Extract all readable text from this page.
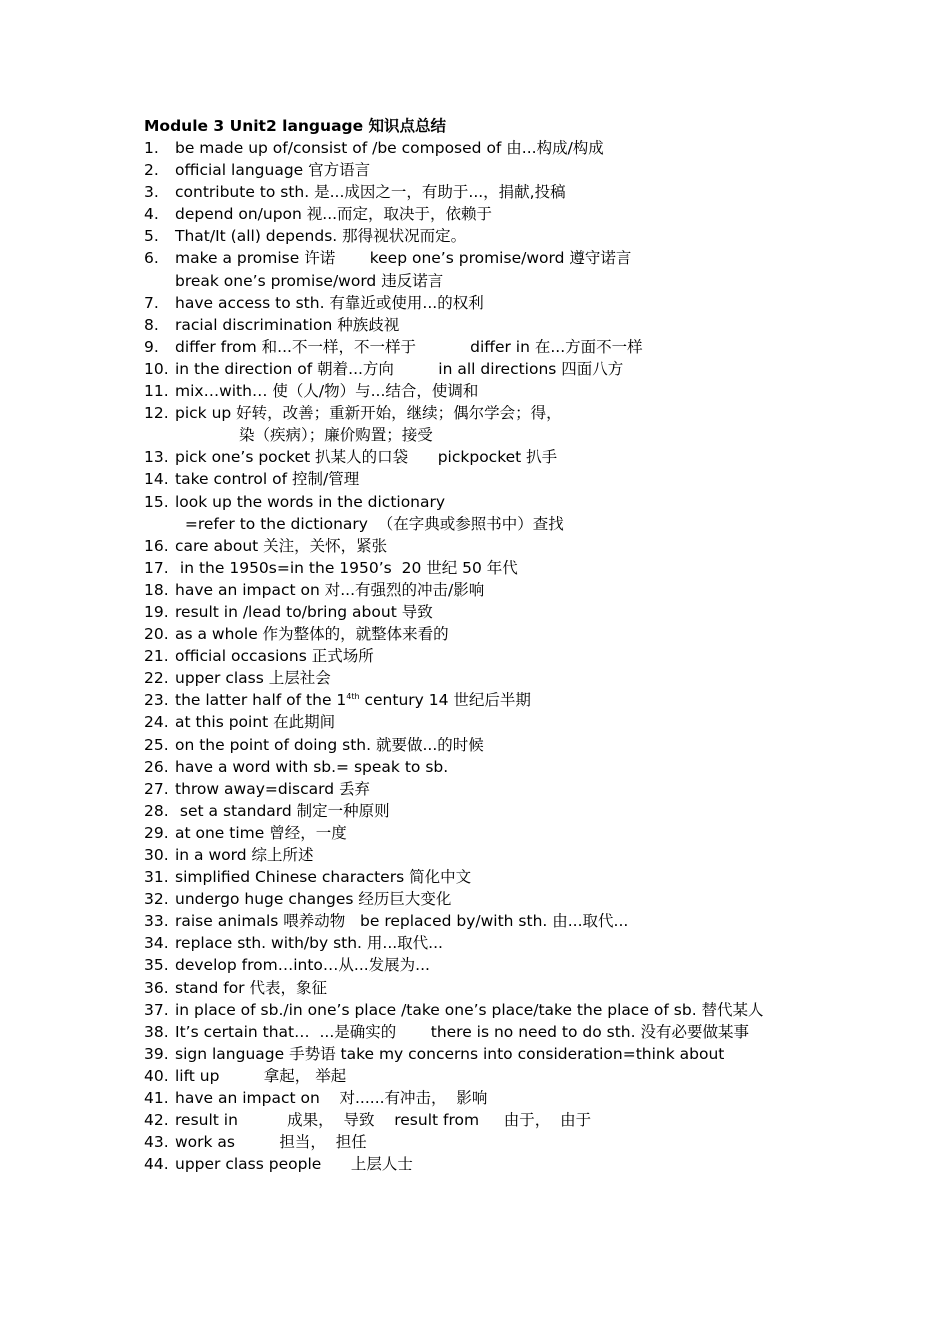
Module 3 Unit2 language 知识点总结
1. be made up of/consist of /be composed of 由...构成/构成
2. official language 官方语言
3. contribute to sth. 是...成因之一，有助于...，捐献,投稿
4. depend on/upon 视...而定，取决于，依赖于
5. That/It (all) depends. 那得视状况而定。
6. make a promise 许诺       keep one’s promise/word 遵守诺言
break one’s promise/word 违反诺言
7. have access to sth. 有靠近或使用...的权利
8. racial discrimination 种族歧视
9. differ from 和...不一样，不一样于           differ in 在...方面不一样
10. in the direction of 朝着...方向         in all directions 四面八方
11. mix…with… 使（人/物）与...结合，使调和
12. pick up 好转，改善；重新开始，继续；偶尔学会；得，
染（疾病）；廉价购置；接受
13. pick one’s pocket 扒某人的口袋      pickpocket 扒手
14. take control of 控制/管理
15. look up the words in the dictionary
=refer to the dictionary  （在字典或参照书中）查找
16. care about 关注，关怀，紧张
17. in the 1950s=in the 1950’s  20 世纪 50 年代
18. have an impact on 对...有强烈的冲击/影响
19. result in /lead to/bring about 导致
20. as a whole 作为整体的，就整体来看的
21. official occasions 正式场所
22. upper class 上层社会
23. the latter half of the $1^{4th}$ century 14 世纪后半期
24. at this point 在此期间
25. on the point of doing sth. 就要做...的时候
26. have a word with sb.= speak to sb.
27. throw away=discard 丢弃
28. set a standard 制定一种原则
29. at one time 曾经，一度
30. in a word 综上所述
31. simplified Chinese characters 简化中文
32. undergo huge changes 经历巨大变化
33. raise animals 喂养动物   be replaced by/with sth. 由...取代...
34. replace sth. with/by sth. 用...取代...
35. develop from…into…从...发展为...
36. stand for 代表，象征
37. in place of sb./in one’s place /take one’s place/take the place of sb. 替代某人
38. It’s certain that…  ...是确实的       there is no need to do sth. 没有必要做某事
39. sign language 手势语 take my concerns into consideration=think about
40. lift up         拿起， 举起
41. have an impact on    对......有冲击，  影响
42. result in          成果，  导致    result from     由于，  由于
43. work as         担当，  担任
44. upper class people      上层人士
